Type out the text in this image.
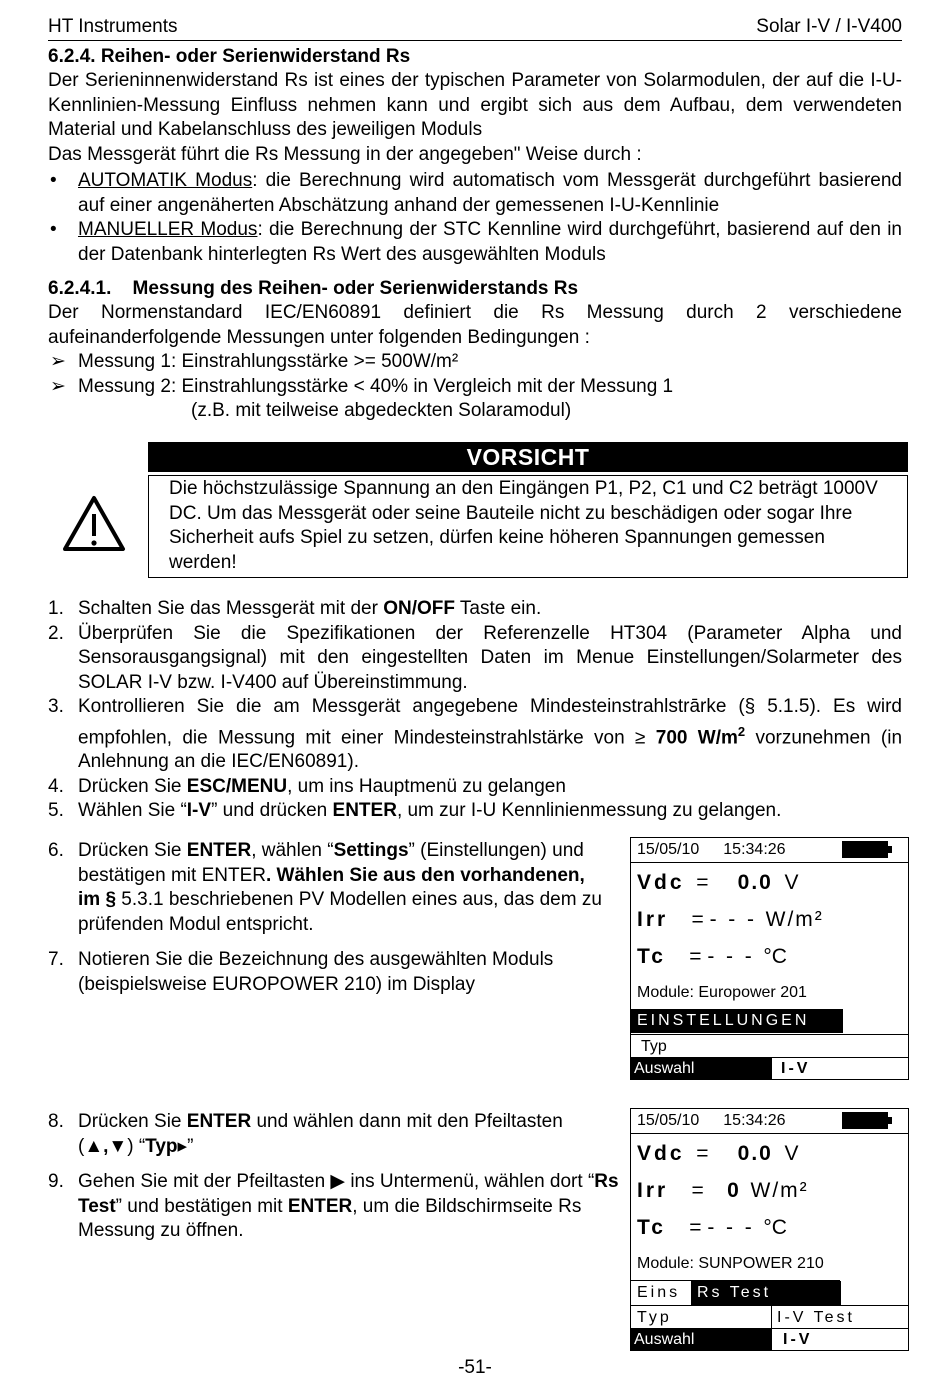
HT Instruments	Solar I-V / I-V400
6.2.4. Reihen- oder Serienwiderstand Rs

Der Serieninnenwiderstand Rs ist eines der typischen Parameter von Solarmodulen, der auf die I-U-Kennlinien-Messung Einfluss nehmen kann und ergibt sich aus dem Aufbau, dem verwendeten Material und Kabelanschluss des jeweiligen Moduls

Das Messgerät führt die Rs Messung in der angegeben" Weise durch :

• AUTOMATIK Modus: die Berechnung wird automatisch vom Messgerät durchgeführt basierend auf einer angenäherten Abschätzung anhand der gemessenen I-U-Kennlinie
• MANUELLER Modus: die Berechnung der STC Kennline wird durchgeführt, basierend auf den in der Datenbank hinterlegten Rs Wert des ausgewählten Moduls
6.2.4.1.    Messung des Reihen- oder Serienwiderstands Rs

Der Normenstandard IEC/EN60891 definiert die Rs Messung durch 2 verschiedene aufeinanderfolgende Messungen unter folgenden Bedingungen :

➢ Messung 1: Einstrahlungsstärke >= 500W/m²
➢ Messung 2: Einstrahlungsstärke < 40% in Vergleich mit der Messung 1
(z.B. mit teilweise abgedeckten Solaramodul)
VORSICHT
Die höchstzulässige Spannung an den Eingängen P1, P2, C1 und C2 beträgt 1000V DC. Um das Messgerät oder seine Bauteile nicht zu beschädigen oder sogar Ihre Sicherheit aufs Spiel zu setzen, dürfen keine höheren Spannungen gemessen werden!
1. Schalten Sie das Messgerät mit der ON/OFF Taste ein.
2. Überprüfen Sie die Spezifikationen der Referenzelle HT304 (Parameter Alpha und Sensorausgangsignal) mit den eingestellten Daten im Menue Einstellungen/Solarmeter des SOLAR I-V bzw. I-V400 auf Übereinstimmung.
3. Kontrollieren Sie die am Messgerät angegebene Mindesteinstrahlstrārke (§ 5.1.5). Es wird empfohlen, die Messung mit einer Mindesteinstrahlstärke von ≥ 700 $W/m^2$ vorzunehmen (in Anlehnung an die IEC/EN60891).
4. Drücken Sie ESC/MENU, um ins Hauptmenü zu gelangen
5. Wählen Sie “I-V” und drücken ENTER, um zur I-U Kennlinienmessung zu gelangen.
6. Drücken Sie ENTER, wählen “Settings” (Einstellungen) und bestätigen mit ENTER. Wählen Sie aus den vorhandenen, im § 5.3.1 beschriebenen PV Modellen eines aus, das dem zu prüfenden Modul entspricht.
7. Notieren Sie die Bezeichnung des ausgewählten Moduls (beispielsweise EUROPOWER 210) im Display
8. Drücken Sie ENTER und wählen dann mit den Pfeiltasten (▲,▼) “Typ▸”
9. Gehen Sie mit der Pfeiltasten ▶ ins Untermenü, wählen dort “Rs Test” und bestätigen mit ENTER, um die Bildschirmseite Rs Messung zu öffnen.
15/05/10 15:34:26
Vdc = 0.0 V
Irr = -  -  - W/m²
Tc = -  -  - °C
Module: Europower 201
EINSTELLUNGEN
Typ
Auswahl	I-V
15/05/10 15:34:26
Vdc = 0.0 V
Irr = 0 W/m²
Tc = -  -  - °C
Module: SUNPOWER 210
Eins	Rs Test
Typ	I-V Test
Auswahl	I-V
-51-
